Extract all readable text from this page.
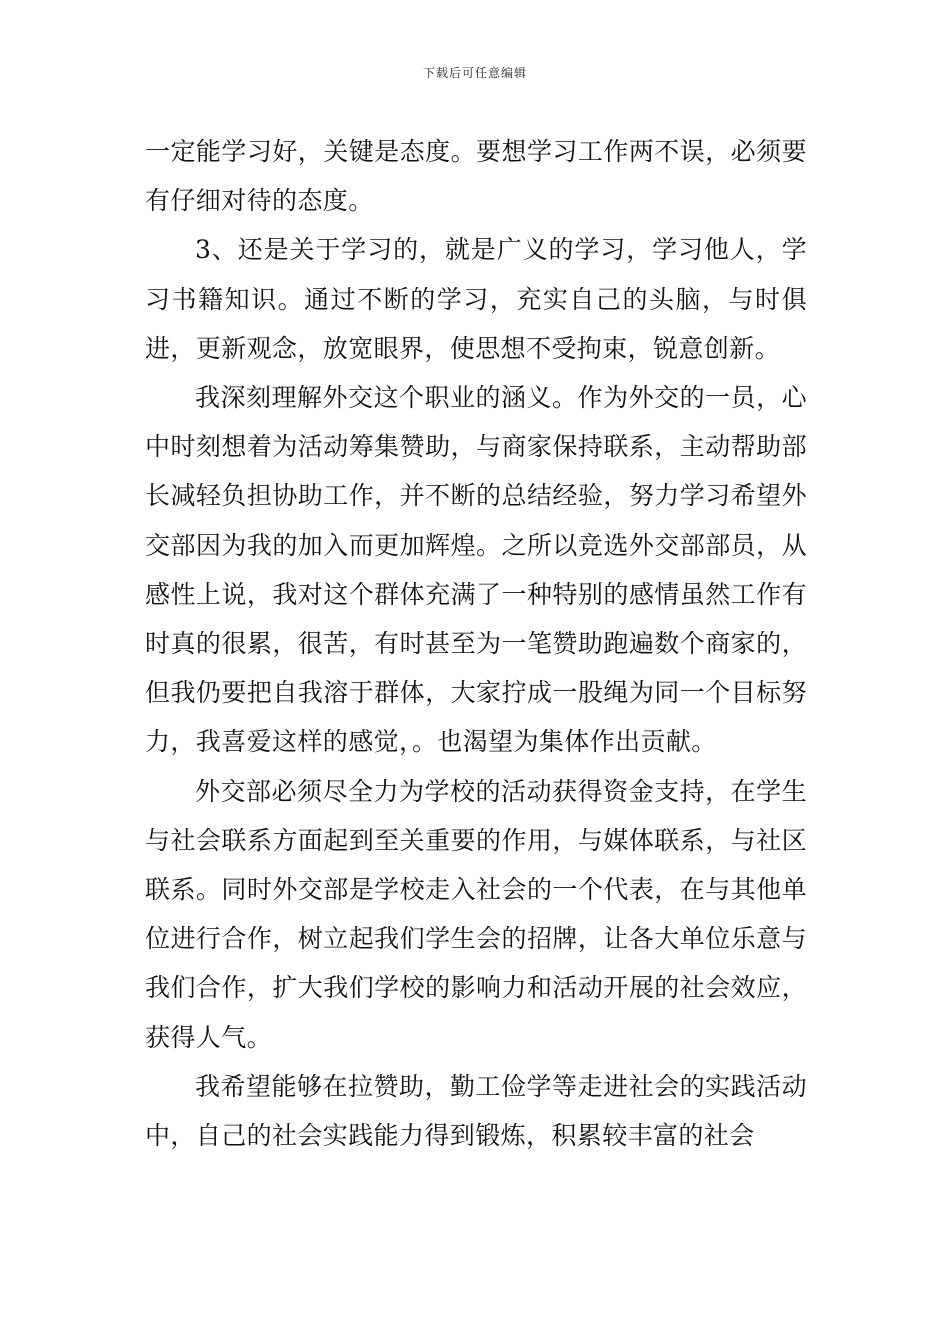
下载后可任意编辑

一定能学习好，关键是态度。要想学习工作两不误，必须要有仔细对待的态度。

3、还是关于学习的，就是广义的学习，学习他人，学习书籍知识。通过不断的学习，充实自己的头脑，与时俱进，更新观念，放宽眼界，使思想不受拘束，锐意创新。

我深刻理解外交这个职业的涵义。作为外交的一员，心中时刻想着为活动筹集赞助，与商家保持联系，主动帮助部长减轻负担协助工作，并不断的总结经验，努力学习希望外交部因为我的加入而更加辉煌。之所以竞选外交部部员，从感性上说，我对这个群体充满了一种特别的感情虽然工作有时真的很累，很苦，有时甚至为一笔赞助跑遍数个商家的，但我仍要把自我溶于群体，大家拧成一股绳为同一个目标努力，我喜爱这样的感觉，。也渴望为集体作出贡献。

外交部必须尽全力为学校的活动获得资金支持，在学生与社会联系方面起到至关重要的作用，与媒体联系，与社区联系。同时外交部是学校走入社会的一个代表，在与其他单位进行合作，树立起我们学生会的招牌，让各大单位乐意与我们合作，扩大我们学校的影响力和活动开展的社会效应，获得人气。

我希望能够在拉赞助，勤工俭学等走进社会的实践活动中，自己的社会实践能力得到锻炼，积累较丰富的社会
